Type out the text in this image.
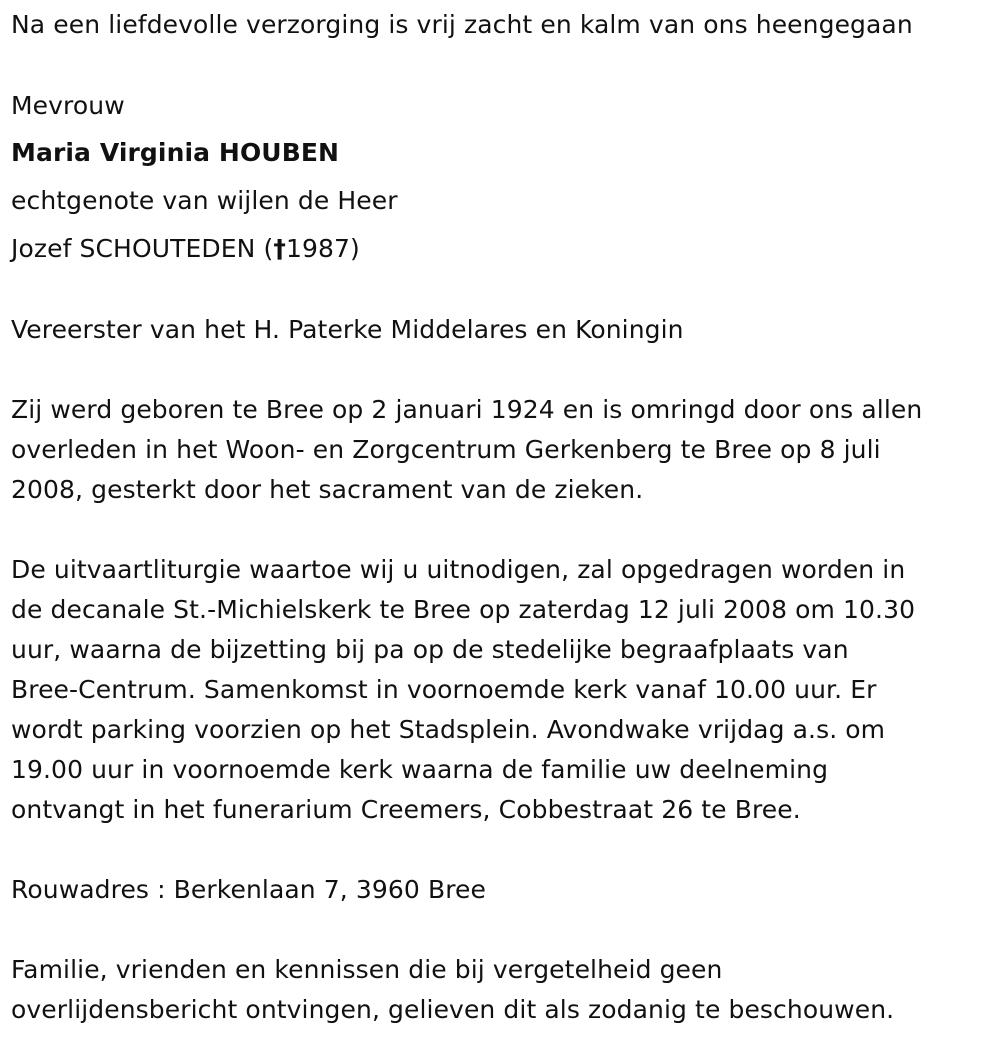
Na een liefdevolle verzorging is vrij zacht en kalm van ons heengegaan
Mevrouw
Maria Virginia HOUBEN
echtgenote van wijlen de Heer
Jozef SCHOUTEDEN (†1987)
Vereerster van het H. Paterke Middelares en Koningin
Zij werd geboren te Bree op 2 januari 1924 en is omringd door ons allen
overleden in het Woon- en Zorgcentrum Gerkenberg te Bree op 8 juli
2008, gesterkt door het sacrament van de zieken.
De uitvaartliturgie waartoe wij u uitnodigen, zal opgedragen worden in
de decanale St.-Michielskerk te Bree op zaterdag 12 juli 2008 om 10.30
uur, waarna de bijzetting bij pa op de stedelijke begraafplaats van
Bree-Centrum. Samenkomst in voornoemde kerk vanaf 10.00 uur. Er
wordt parking voorzien op het Stadsplein. Avondwake vrijdag a.s. om
19.00 uur in voornoemde kerk waarna de familie uw deelneming
ontvangt in het funerarium Creemers, Cobbestraat 26 te Bree.
Rouwadres : Berkenlaan 7, 3960 Bree
Familie, vrienden en kennissen die bij vergetelheid geen
overlijdensbericht ontvingen, gelieven dit als zodanig te beschouwen.
